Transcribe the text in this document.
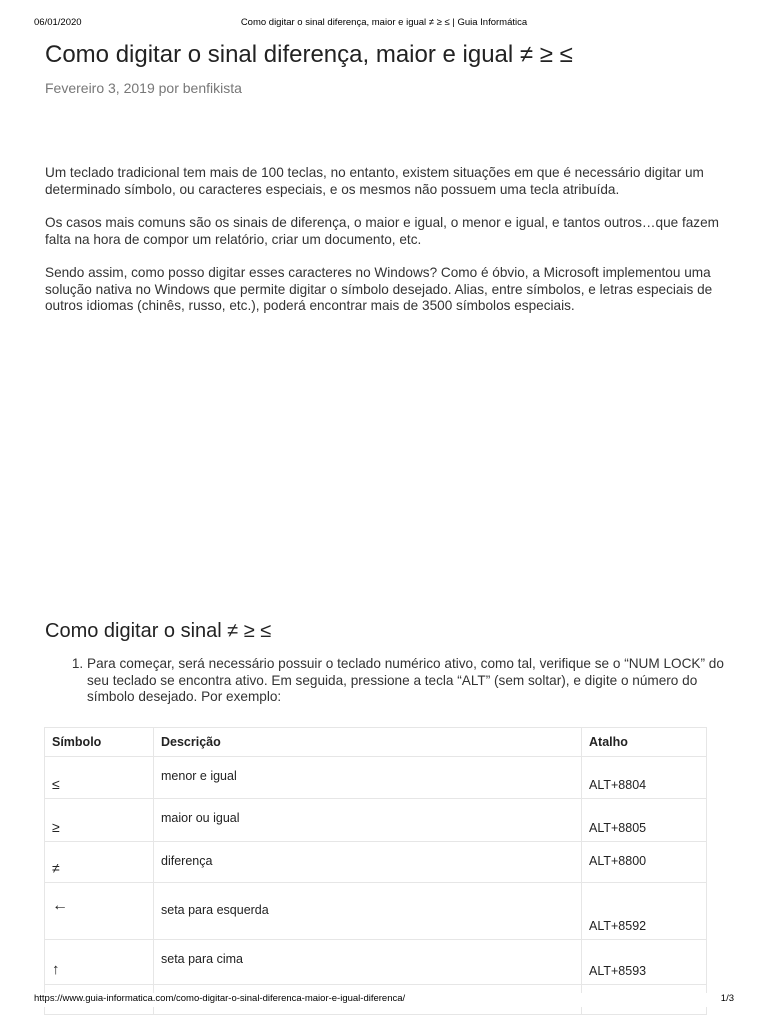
06/01/2020	Como digitar o sinal diferença, maior e igual ≠ ≥ ≤ | Guia Informática
Como digitar o sinal diferença, maior e igual ≠ ≥ ≤
Fevereiro 3, 2019 por benfikista

Um teclado tradicional tem mais de 100 teclas, no entanto, existem situações em que é necessário digitar um determinado símbolo, ou caracteres especiais, e os mesmos não possuem uma tecla atribuída.

Os casos mais comuns são os sinais de diferença, o maior e igual, o menor e igual, e tantos outros…que fazem falta na hora de compor um relatório, criar um documento, etc.

Sendo assim, como posso digitar esses caracteres no Windows? Como é óbvio, a Microsoft implementou uma solução nativa no Windows que permite digitar o símbolo desejado. Alias, entre símbolos, e letras especiais de outros idiomas (chinês, russo, etc.), poderá encontrar mais de 3500 símbolos especiais.

Como digitar o sinal ≠ ≥ ≤
1. Para começar, será necessário possuir o teclado numérico ativo, como tal, verifique se o “NUM LOCK” do seu teclado se encontra ativo. Em seguida, pressione a tecla “ALT” (sem soltar), e digite o número do símbolo desejado. Por exemplo:
Símbolo	Descrição	Atalho
≤	menor e igual	ALT+8804
≥	maior ou igual	ALT+8805
≠	diferença	ALT+8800
←	seta para esquerda	ALT+8592
↑	seta para cima	ALT+8593

https://www.guia-informatica.com/como-digitar-o-sinal-diferenca-maior-e-igual-diferenca/	1/3
